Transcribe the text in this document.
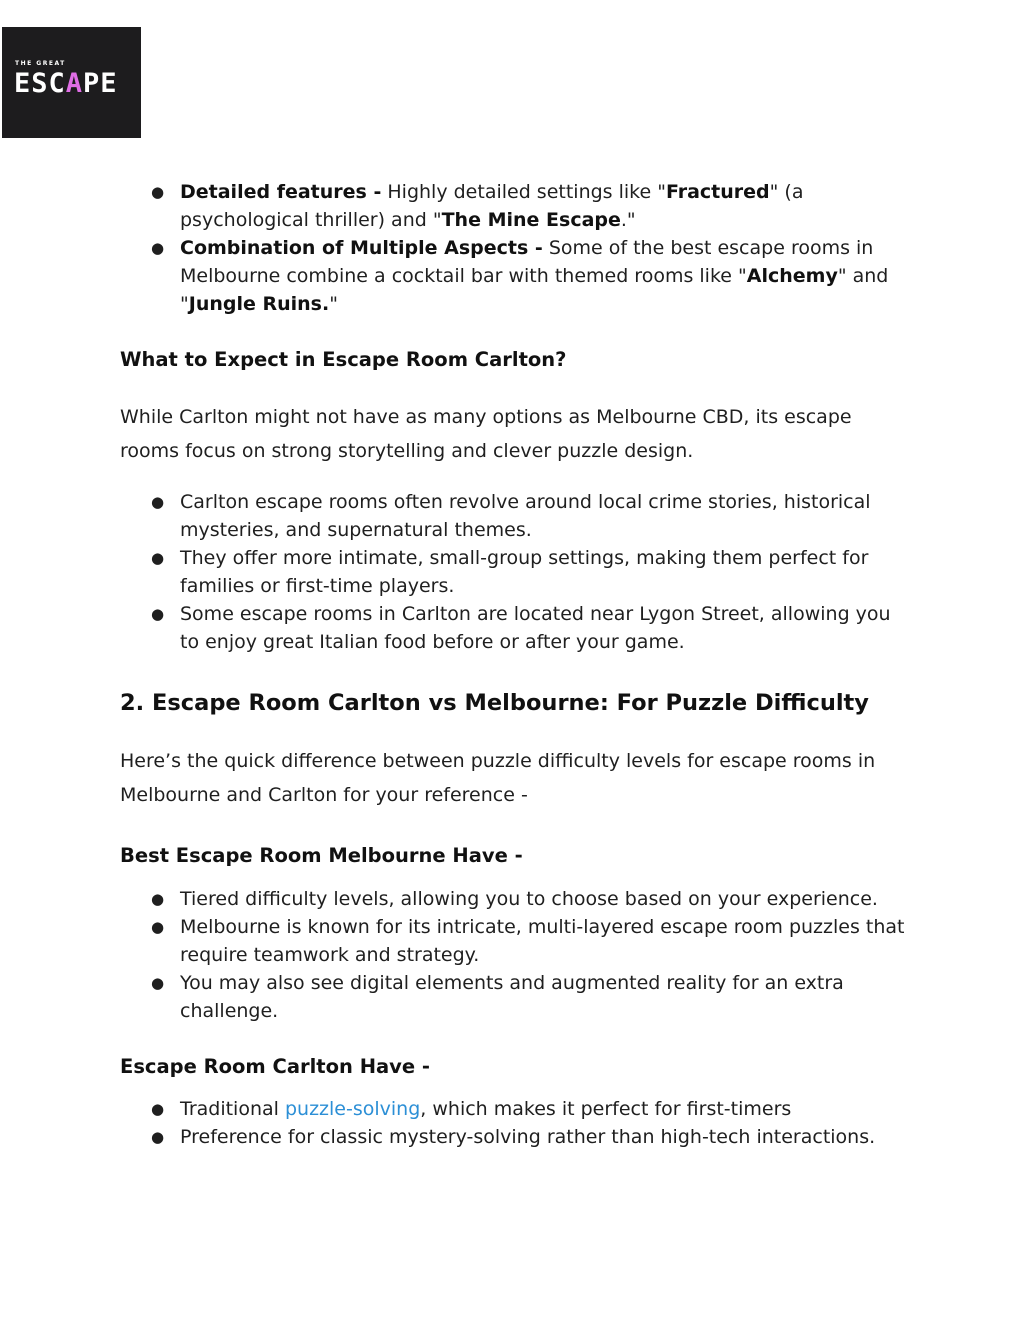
THE GREAT
ESCAPE
● Detailed features - Highly detailed settings like "Fractured" (a psychological thriller) and "The Mine Escape."
● Combination of Multiple Aspects - Some of the best escape rooms in Melbourne combine a cocktail bar with themed rooms like "Alchemy" and "Jungle Ruins."
What to Expect in Escape Room Carlton?

While Carlton might not have as many options as Melbourne CBD, its escape rooms focus on strong storytelling and clever puzzle design.

● Carlton escape rooms often revolve around local crime stories, historical mysteries, and supernatural themes.
● They offer more intimate, small-group settings, making them perfect for families or first-time players.
● Some escape rooms in Carlton are located near Lygon Street, allowing you to enjoy great Italian food before or after your game.
2. Escape Room Carlton vs Melbourne: For Puzzle Difficulty

Here’s the quick difference between puzzle difficulty levels for escape rooms in Melbourne and Carlton for your reference -

Best Escape Room Melbourne Have -
● Tiered difficulty levels, allowing you to choose based on your experience.
● Melbourne is known for its intricate, multi-layered escape room puzzles that require teamwork and strategy.
● You may also see digital elements and augmented reality for an extra challenge.
Escape Room Carlton Have -
● Traditional puzzle-solving, which makes it perfect for first-timers
● Preference for classic mystery-solving rather than high-tech interactions.
